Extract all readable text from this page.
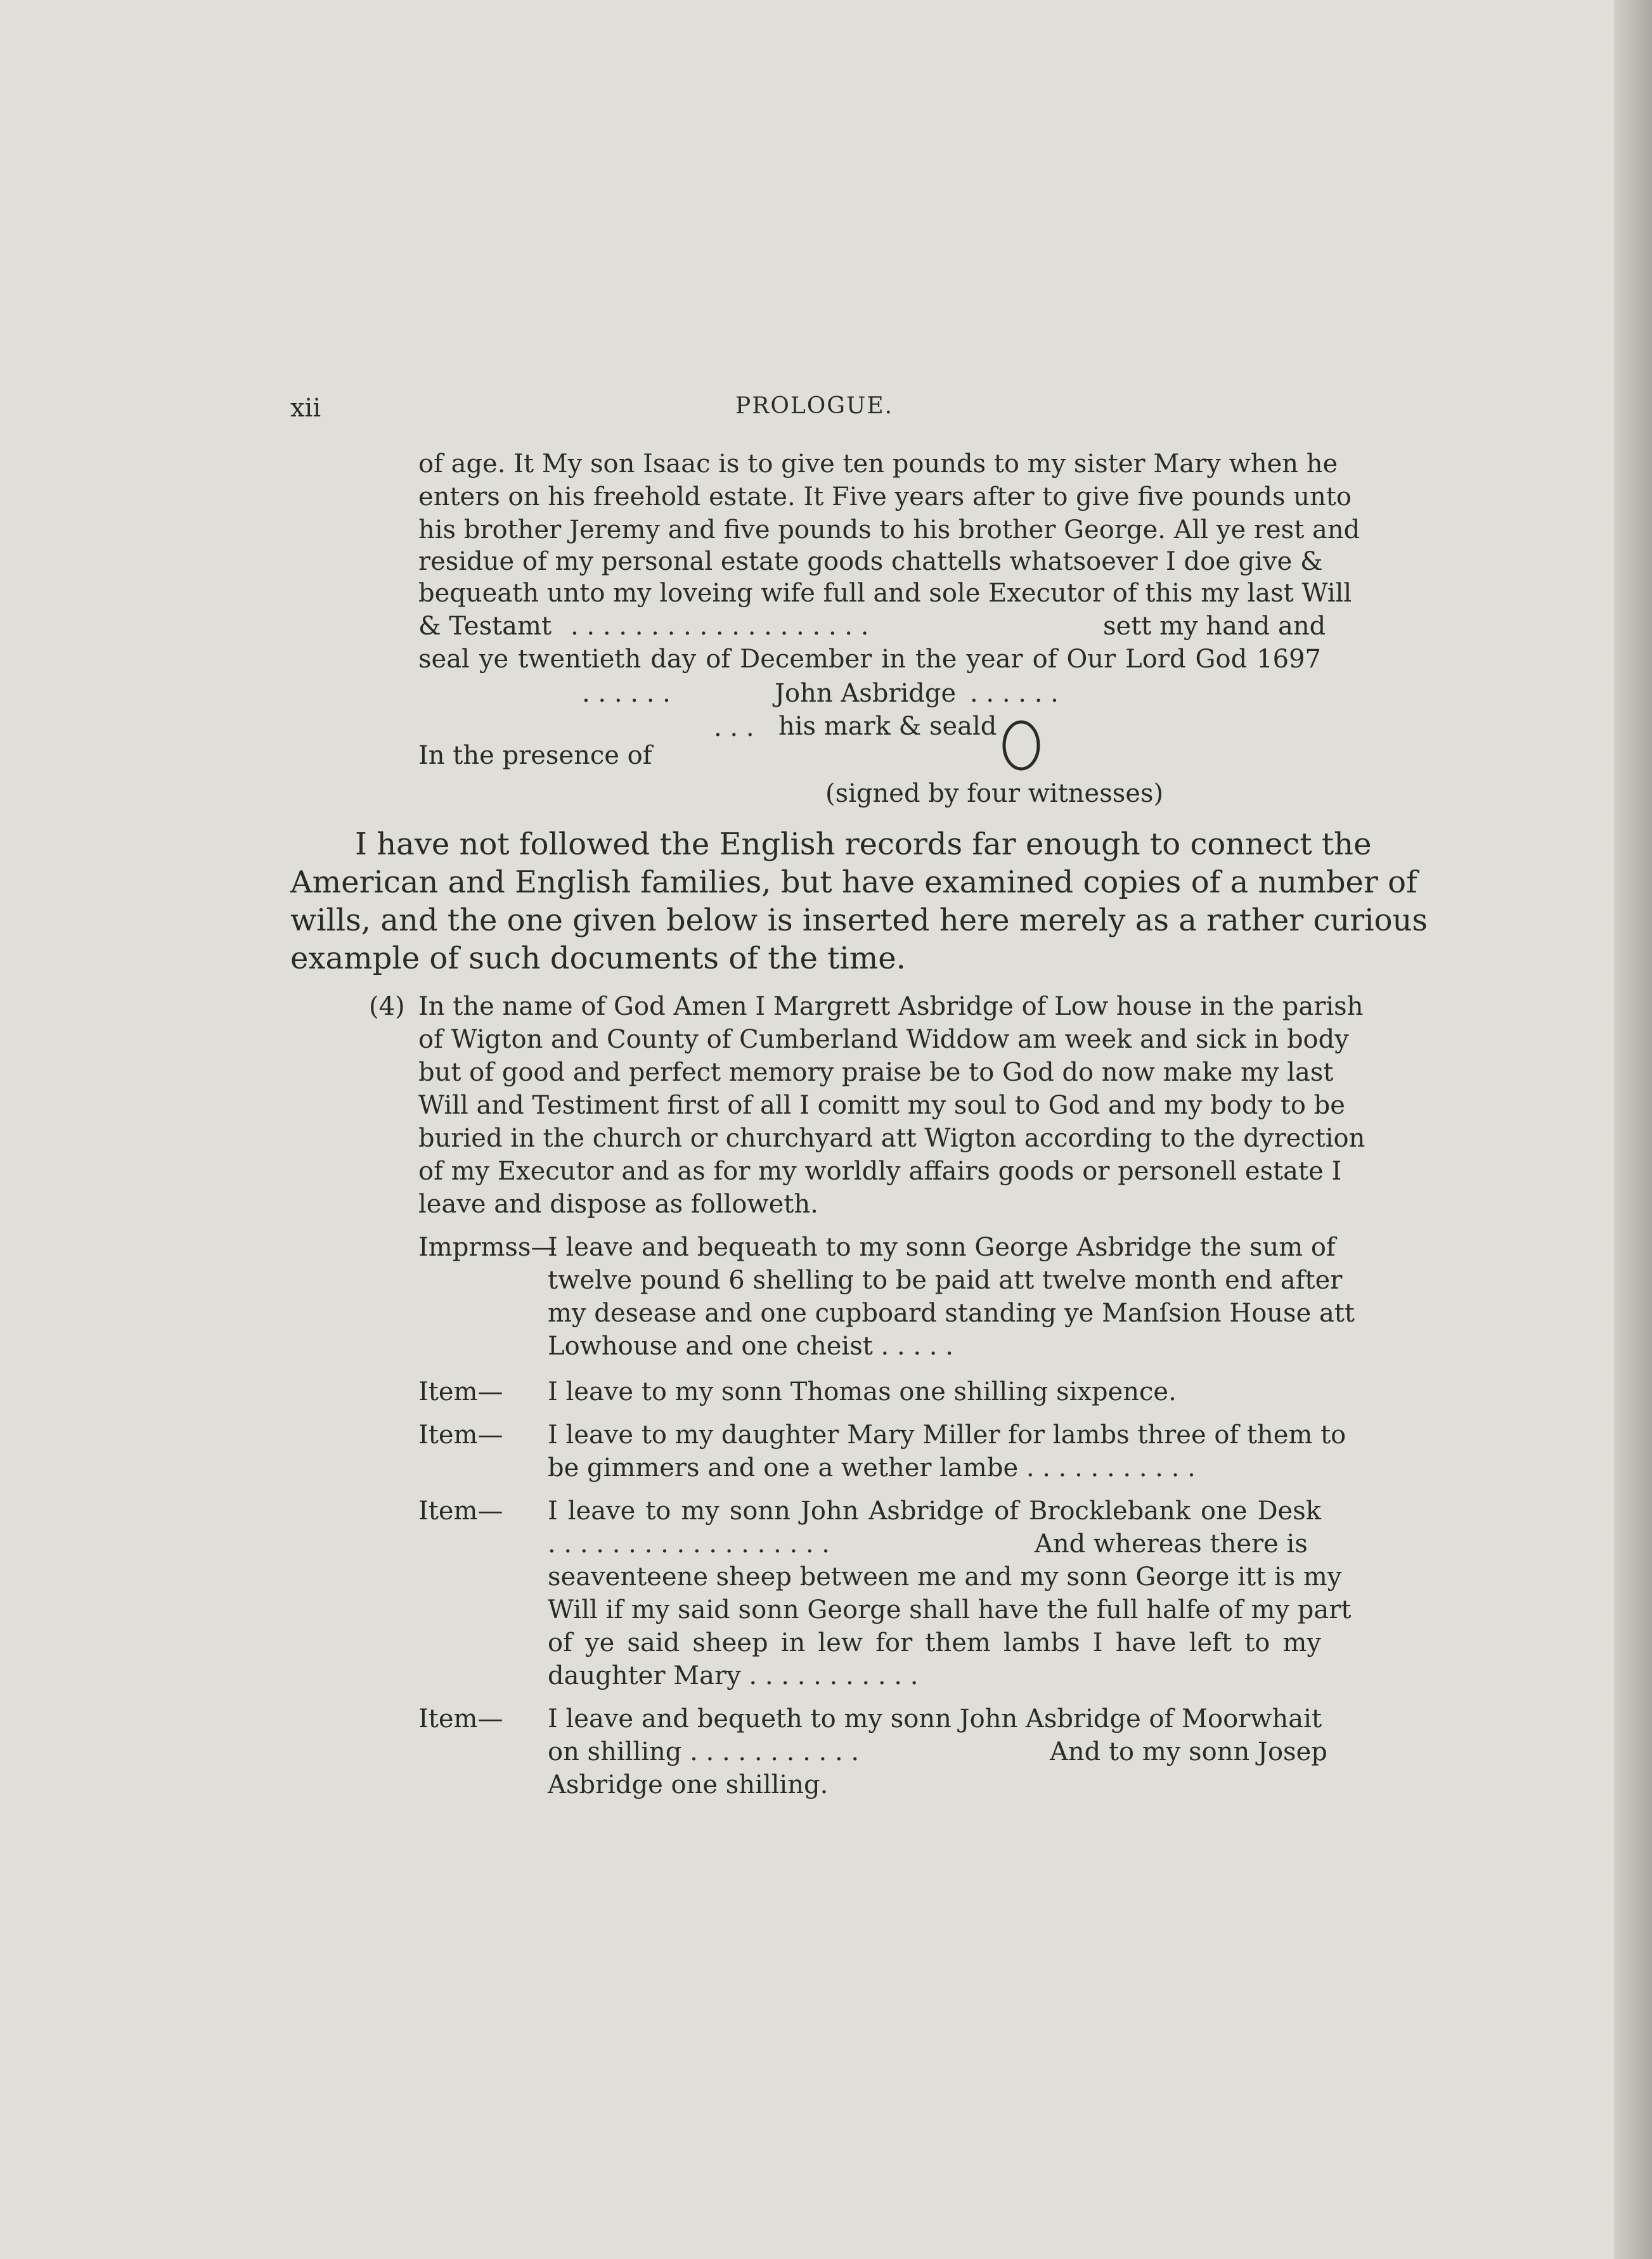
xii	PROLOGUE.
of age. It My son Isaac is to give ten pounds to my sister Mary when he
enters on his freehold estate. It Five years after to give five pounds unto
his brother Jeremy and five pounds to his brother George. All ye rest and
residue of my personal estate goods chattells whatsoever I doe give &
bequeath unto my loveing wife full and sole Executor of this my last Will
& Testamt . . . . . . . . . . . . . . . . . . .	sett my hand and
seal ye twentieth day of December in the year of Our Lord God 1697
. . . . . .	John Asbridge . . . . . .
. . . his mark & seald
In the presence of
(signed by four witnesses)
I have not followed the English records far enough to connect the
American and English families, but have examined copies of a number of
wills, and the one given below is inserted here merely as a rather curious
example of such documents of the time.
(4) In the name of God Amen I Margrett Asbridge of Low house in the parish
of Wigton and County of Cumberland Widdow am week and sick in body
but of good and perfect memory praise be to God do now make my last
Will and Testiment first of all I comitt my soul to God and my body to be
buried in the church or churchyard att Wigton according to the dyrection
of my Executor and as for my worldly affairs goods or personell estate I
leave and dispose as followeth.
Imprmss—
I leave and bequeath to my sonn George Asbridge the sum of
twelve pound 6 shelling to be paid att twelve month end after
my desease and one cupboard standing ye Manſsion House att
Lowhouse and one cheist . . . . .
Item— I leave to my sonn Thomas one shilling sixpence.
Item— I leave to my daughter Mary Miller for lambs three of them to
be gimmers and one a wether lambe . . . . . . . . . . .
Item— I leave to my sonn John Asbridge of Brocklebank one Desk
. . . . . . . . . . . . . . . . . .	And whereas there is
seaventeene sheep between me and my sonn George itt is my
Will if my said sonn George shall have the full halfe of my part
of ye said sheep in lew for them lambs I have left to my
daughter Mary . . . . . . . . . . .
Item— I leave and bequeth to my sonn John Asbridge of Moorwhait
on shilling . . . . . . . . . . .	And to my sonn Josep
Asbridge one shilling.
